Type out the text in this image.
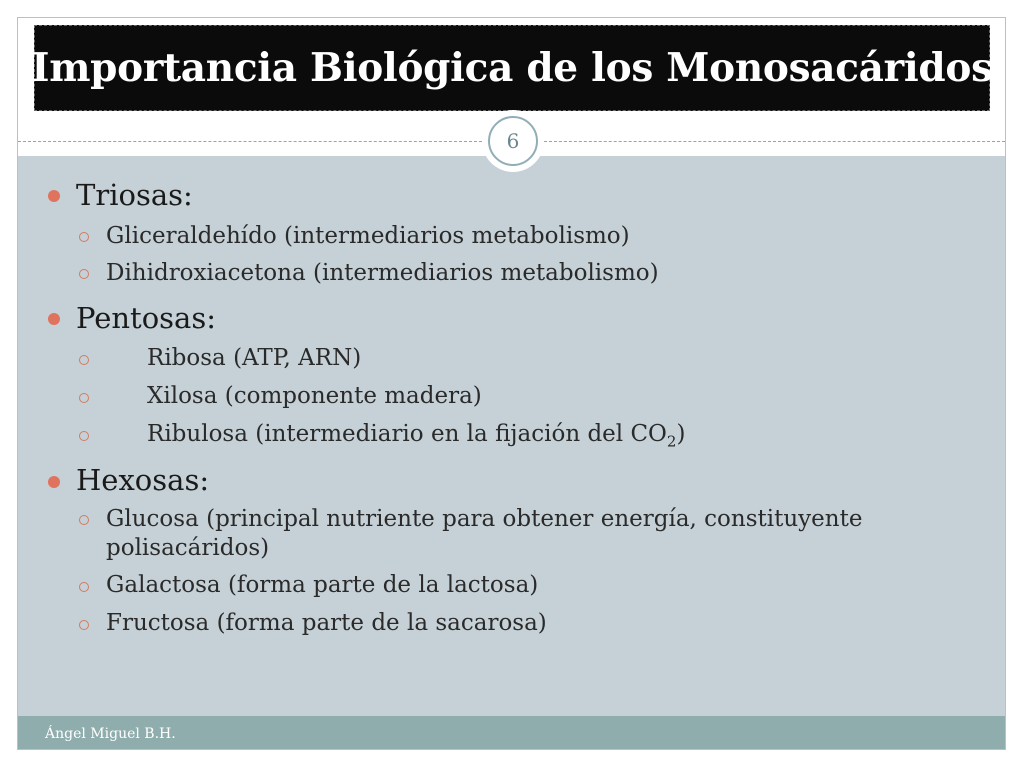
Importancia Biológica de los Monosacáridos
6
Triosas:
Gliceraldehído (intermediarios metabolismo)
Dihidroxiacetona (intermediarios metabolismo)
Pentosas:
Ribosa (ATP, ARN)
Xilosa (componente madera)
Ribulosa (intermediario en la fijación del $CO_2$)
Hexosas:
Glucosa (principal nutriente para obtener energía, constituyente
polisacáridos)
Galactosa (forma parte de la lactosa)
Fructosa (forma parte de la sacarosa)
Ángel Miguel B.H.
